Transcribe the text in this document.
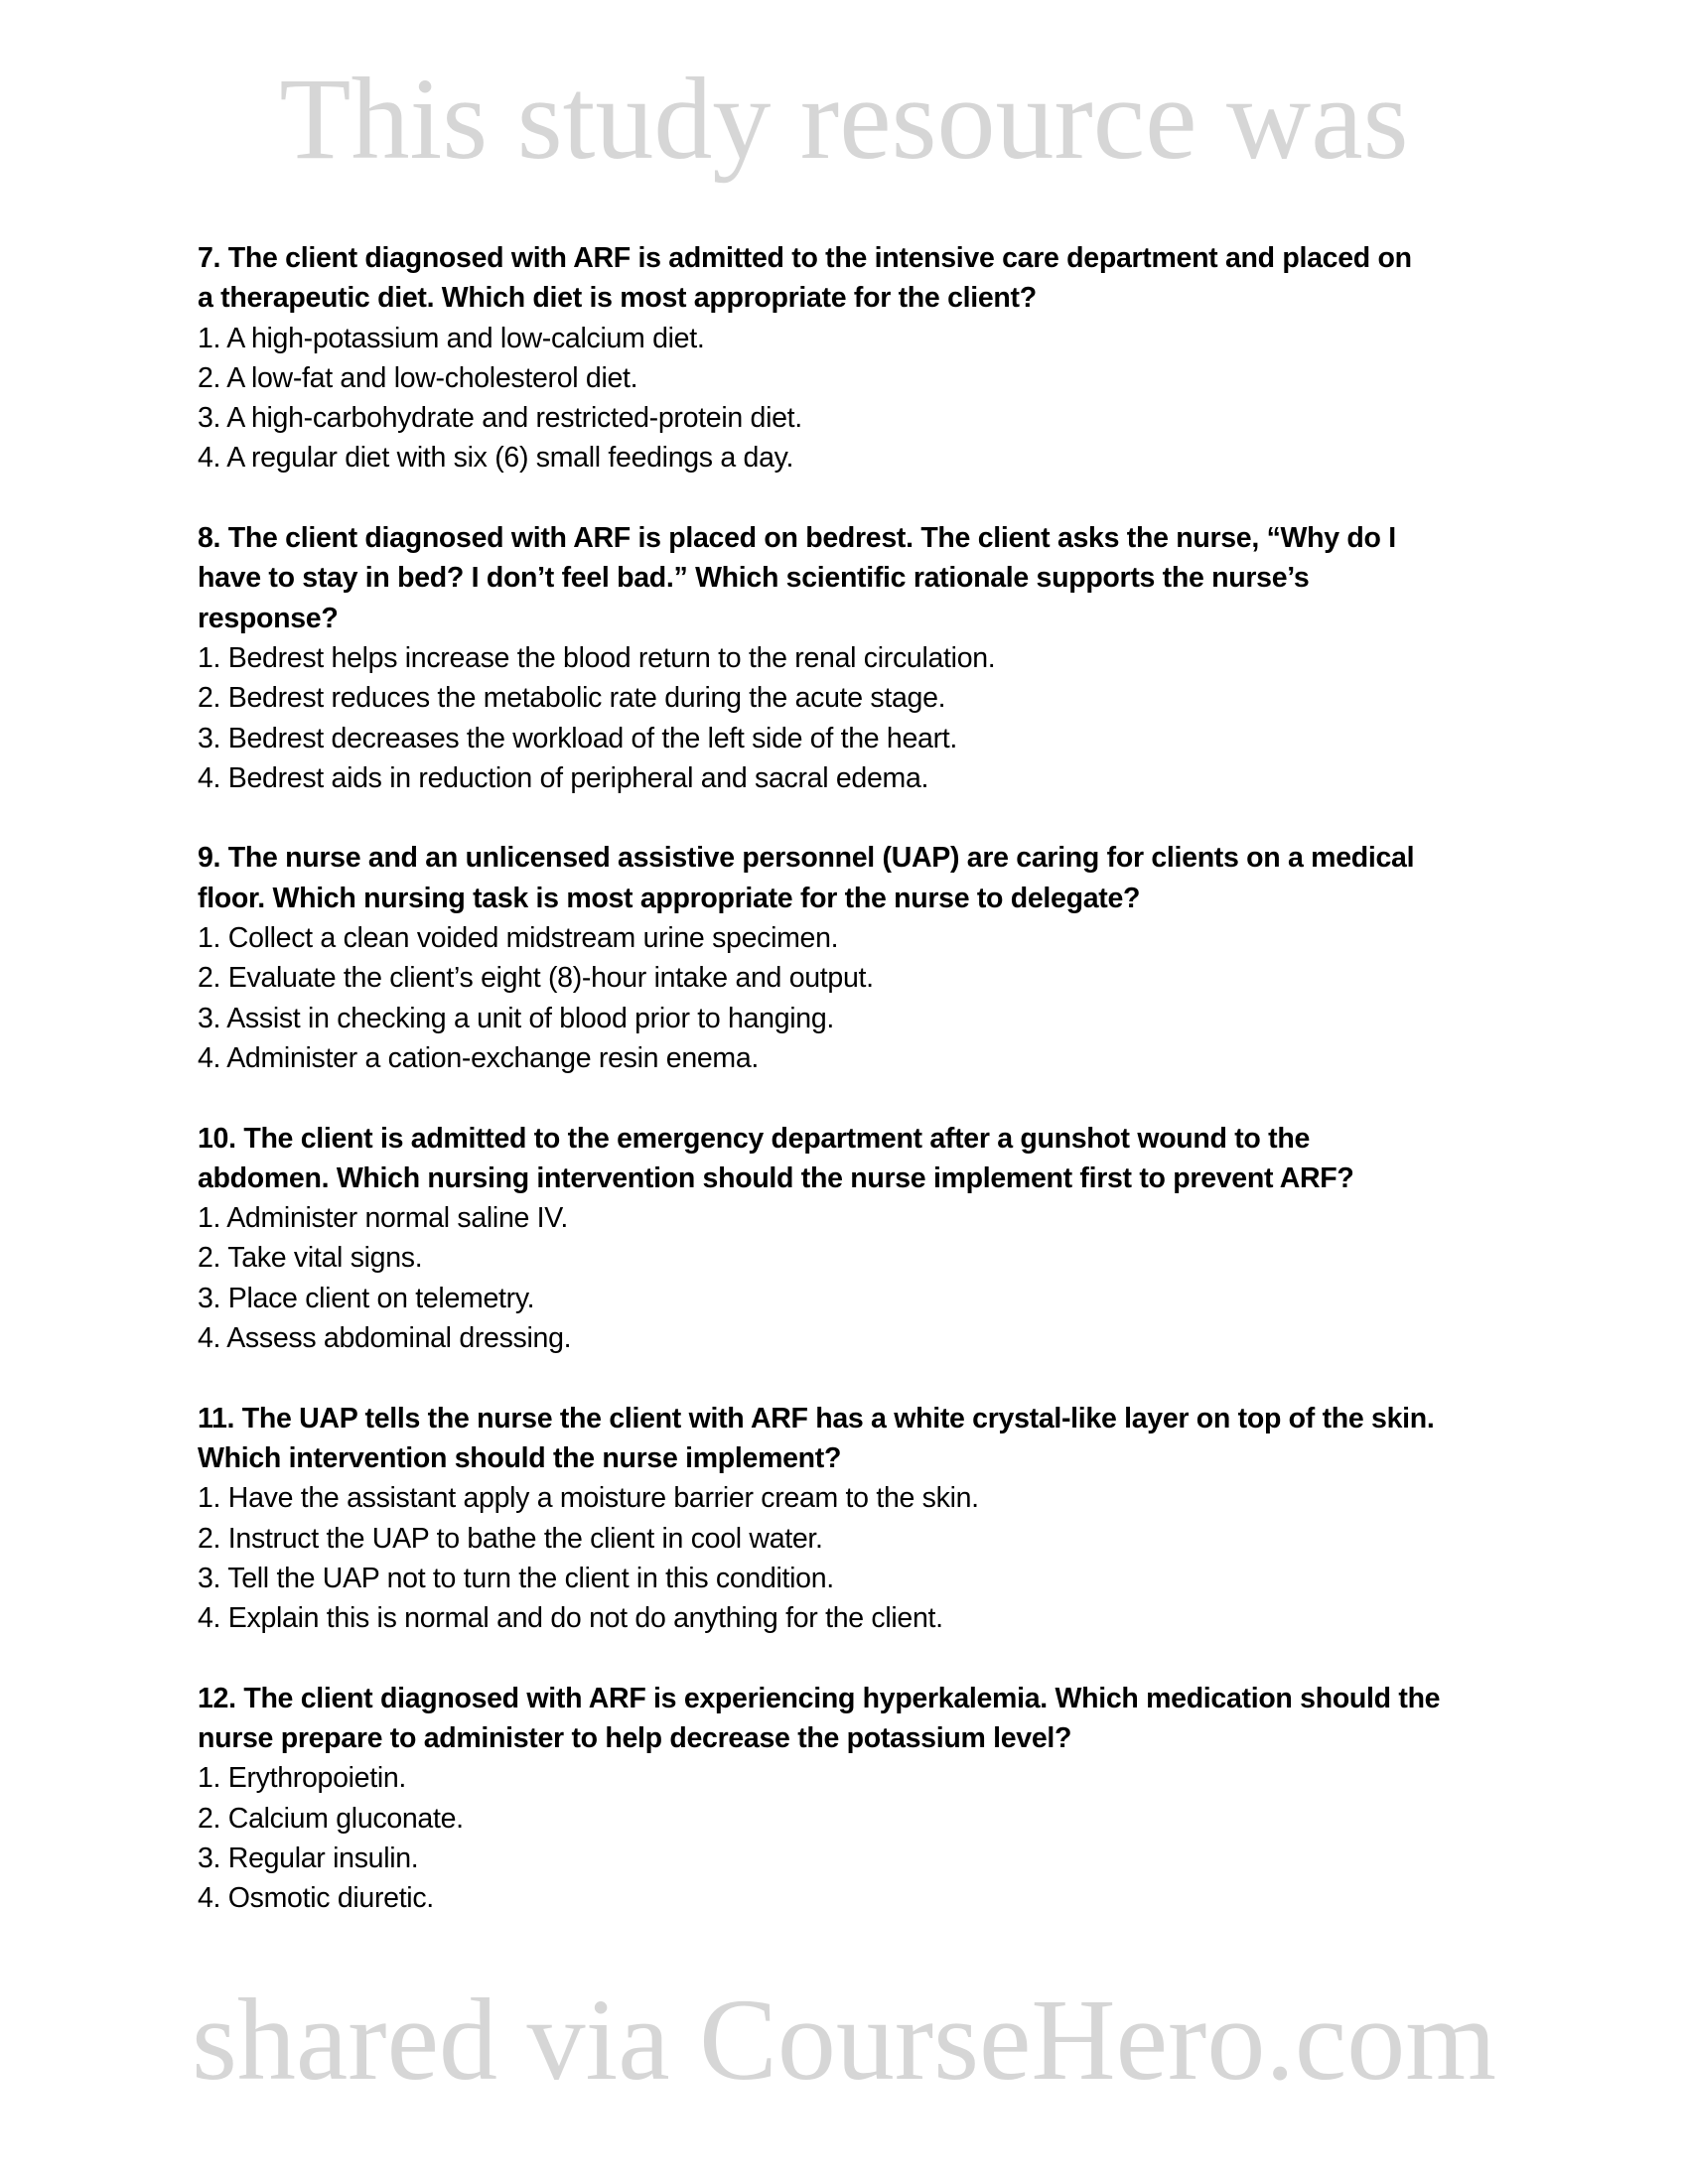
This study resource was
shared via CourseHero.com
7. The client diagnosed with ARF is admitted to the intensive care department and placed on
a therapeutic diet. Which diet is most appropriate for the client?
1. A high-potassium and low-calcium diet.
2. A low-fat and low-cholesterol diet.
3. A high-carbohydrate and restricted-protein diet.
4. A regular diet with six (6) small feedings a day.
8. The client diagnosed with ARF is placed on bedrest. The client asks the nurse, “Why do I
have to stay in bed? I don’t feel bad.” Which scientific rationale supports the nurse’s
response?
1. Bedrest helps increase the blood return to the renal circulation.
2. Bedrest reduces the metabolic rate during the acute stage.
3. Bedrest decreases the workload of the left side of the heart.
4. Bedrest aids in reduction of peripheral and sacral edema.
9. The nurse and an unlicensed assistive personnel (UAP) are caring for clients on a medical
floor. Which nursing task is most appropriate for the nurse to delegate?
1. Collect a clean voided midstream urine specimen.
2. Evaluate the client’s eight (8)-hour intake and output.
3. Assist in checking a unit of blood prior to hanging.
4. Administer a cation-exchange resin enema.
10. The client is admitted to the emergency department after a gunshot wound to the
abdomen. Which nursing intervention should the nurse implement first to prevent ARF?
1. Administer normal saline IV.
2. Take vital signs.
3. Place client on telemetry.
4. Assess abdominal dressing.
11. The UAP tells the nurse the client with ARF has a white crystal-like layer on top of the skin.
Which intervention should the nurse implement?
1. Have the assistant apply a moisture barrier cream to the skin.
2. Instruct the UAP to bathe the client in cool water.
3. Tell the UAP not to turn the client in this condition.
4. Explain this is normal and do not do anything for the client.
12. The client diagnosed with ARF is experiencing hyperkalemia. Which medication should the
nurse prepare to administer to help decrease the potassium level?
1. Erythropoietin.
2. Calcium gluconate.
3. Regular insulin.
4. Osmotic diuretic.
